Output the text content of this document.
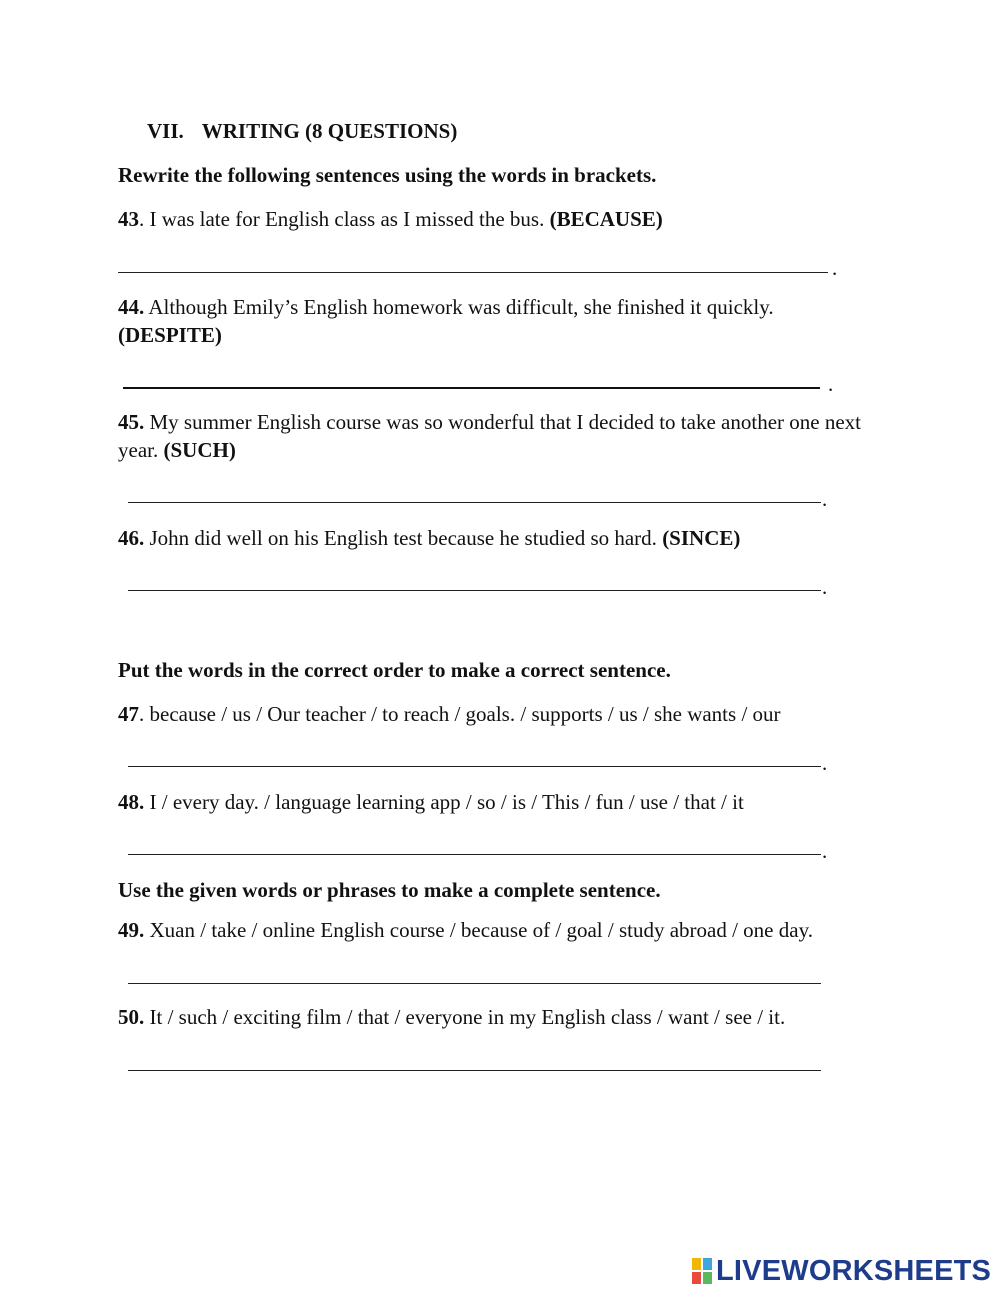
VII. WRITING (8 QUESTIONS)
Rewrite the following sentences using the words in brackets.
43. I was late for English class as I missed the bus. (BECAUSE)
.
44. Although Emily’s English homework was difficult, she finished it quickly. (DESPITE)
.
45. My summer English course was so wonderful that I decided to take another one next year. (SUCH)
.
46. John did well on his English test because he studied so hard. (SINCE)
.
Put the words in the correct order to make a correct sentence.
47. because / us / Our teacher / to reach / goals. / supports / us / she wants / our
.
48. I / every day. / language learning app / so / is / This / fun / use / that / it
.
Use the given words or phrases to make a complete sentence.
49. Xuan / take / online English course / because of / goal / study abroad / one day.
50. It / such / exciting film / that / everyone in my English class / want / see / it.
LIVEWORKSHEETS
